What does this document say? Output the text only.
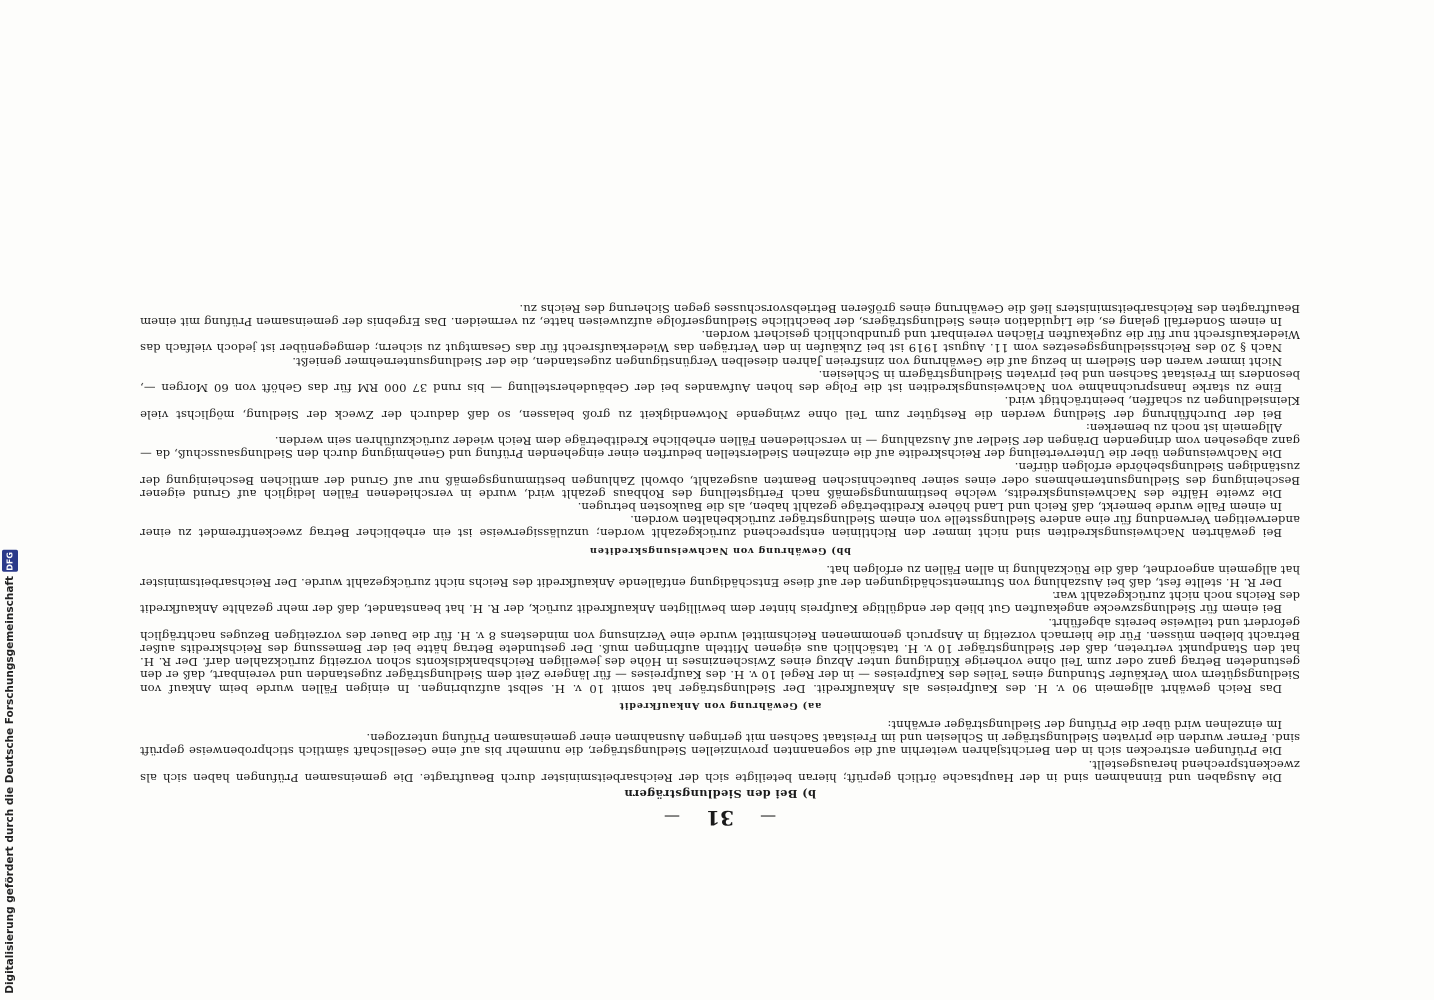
—
31
—
b) Bei den Siedlungsträgern

Die Ausgaben und Einnahmen sind in der Hauptsache örtlich geprüft; hieran beteiligte sich der Reichsarbeitsminister durch Beauftragte. Die gemeinsamen Prüfungen haben sich als zweckentsprechend herausgestellt.

Die Prüfungen erstrecken sich in den Berichtsjahren weiterhin auf die sogenannten provinziellen Siedlungsträger, die nunmehr bis auf eine Gesellschaft sämtlich stichprobenweise geprüft sind. Ferner wurden die privaten Siedlungsträger in Schlesien und im Freistaat Sachsen mit geringen Ausnahmen einer gemeinsamen Prüfung unterzogen.

Im einzelnen wird über die Prüfung der Siedlungsträger erwähnt:

aa) Gewährung von Ankaufkredit

Das Reich gewährt allgemein 90 v. H. des Kaufpreises als Ankaufkredit. Der Siedlungsträger hat somit 10 v. H. selbst aufzubringen. In einigen Fällen wurde beim Ankauf von Siedlungsgütern vom Verkäufer Stundung eines Teiles des Kaufpreises — in der Regel 10 v. H. des Kaufpreises — für längere Zeit dem Siedlungsträger zugestanden und vereinbart, daß er den gestundeten Betrag ganz oder zum Teil ohne vorherige Kündigung unter Abzug eines Zwischenzinses in Höhe des jeweiligen Reichsbankdiskonts schon vorzeitig zurückzahlen darf. Der R. H. hat den Standpunkt vertreten, daß der Siedlungsträger 10 v. H. tatsächlich aus eigenen Mitteln aufbringen muß. Der gestundete Betrag hätte bei der Bemessung des Reichskredits außer Betracht bleiben müssen. Für die hiernach vorzeitig in Anspruch genommenen Reichsmittel wurde eine Verzinsung von mindestens 8 v. H. für die Dauer des vorzeitigen Bezuges nachträglich gefordert und teilweise bereits abgeführt.

Bei einem für Siedlungszwecke angekauften Gut blieb der endgültige Kaufpreis hinter dem bewilligten Ankaufkredit zurück, der R. H. hat beanstandet, daß der mehr gezahlte Ankaufkredit des Reichs noch nicht zurückgezahlt war.

Der R. H. stellte fest, daß bei Auszahlung von Sturmentschädigungen der auf diese Entschädigung entfallende Ankaufkredit des Reichs nicht zurückgezahlt wurde. Der Reichsarbeitsminister hat allgemein angeordnet, daß die Rückzahlung in allen Fällen zu erfolgen hat.

bb) Gewährung von Nachweisungskrediten

Bei gewährten Nachweisungskrediten sind nicht immer den Richtlinien entsprechend zurückgezahlt worden; unzulässigerweise ist ein erheblicher Betrag zweckentfremdet zu einer anderweitigen Verwendung für eine andere Siedlungsstelle von einem Siedlungsträger zurückbehalten worden.

In einem Falle wurde bemerkt, daß Reich und Land höhere Kreditbeträge gezahlt haben, als die Baukosten betrugen.

Die zweite Hälfte des Nachweisungskredits, welche bestimmungsgemäß nach Fertigstellung des Rohbaus gezahlt wird, wurde in verschiedenen Fällen lediglich auf Grund eigener Bescheinigung des Siedlungsunternehmens oder eines seiner bautechnischen Beamten ausgezahlt, obwohl Zahlungen bestimmungsgemäß nur auf Grund der amtlichen Bescheinigung der zuständigen Siedlungsbehörde erfolgen dürfen.

Die Nachweisungen über die Unterverteilung der Reichskredite auf die einzelnen Siedlerstellen bedurften einer eingehenden Prüfung und Genehmigung durch den Siedlungsausschuß, da — ganz abgesehen vom dringenden Drängen der Siedler auf Auszahlung — in verschiedenen Fällen erhebliche Kreditbeträge dem Reich wieder zurückzuführen sein werden.

Allgemein ist noch zu bemerken:

Bei der Durchführung der Siedlung werden die Restgüter zum Teil ohne zwingende Notwendigkeit zu groß belassen, so daß dadurch der Zweck der Siedlung, möglichst viele Kleinsiedlungen zu schaffen, beeinträchtigt wird.

Eine zu starke Inanspruchnahme von Nachweisungskrediten ist die Folge des hohen Aufwandes bei der Gebäudeherstellung — bis rund 37 000 RM für das Gehöft von 60 Morgen —, besonders im Freistaat Sachsen und bei privaten Siedlungsträgern in Schlesien.

Nicht immer waren den Siedlern in bezug auf die Gewährung von zinsfreien Jahren dieselben Vergünstigungen zugestanden, die der Siedlungsunternehmer genießt.

Nach § 20 des Reichssiedlungsgesetzes vom 11. August 1919 ist bei Zukäufen in den Verträgen das Wiederkaufsrecht für das Gesamtgut zu sichern; demgegenüber ist jedoch vielfach das Wiederkaufsrecht nur für die zugekauften Flächen vereinbart und grundbuchlich gesichert worden.

In einem Sonderfall gelang es, die Liquidation eines Siedlungsträgers, der beachtliche Siedlungserfolge aufzuweisen hatte, zu vermeiden. Das Ergebnis der gemeinsamen Prüfung mit einem Beauftragten des Reichsarbeitsministers ließ die Gewährung eines größeren Betriebsvorschusses gegen Sicherung des Reichs zu.

Digitalisierung gefördert durch die Deutsche Forschungsgemeinschaft
DFG
